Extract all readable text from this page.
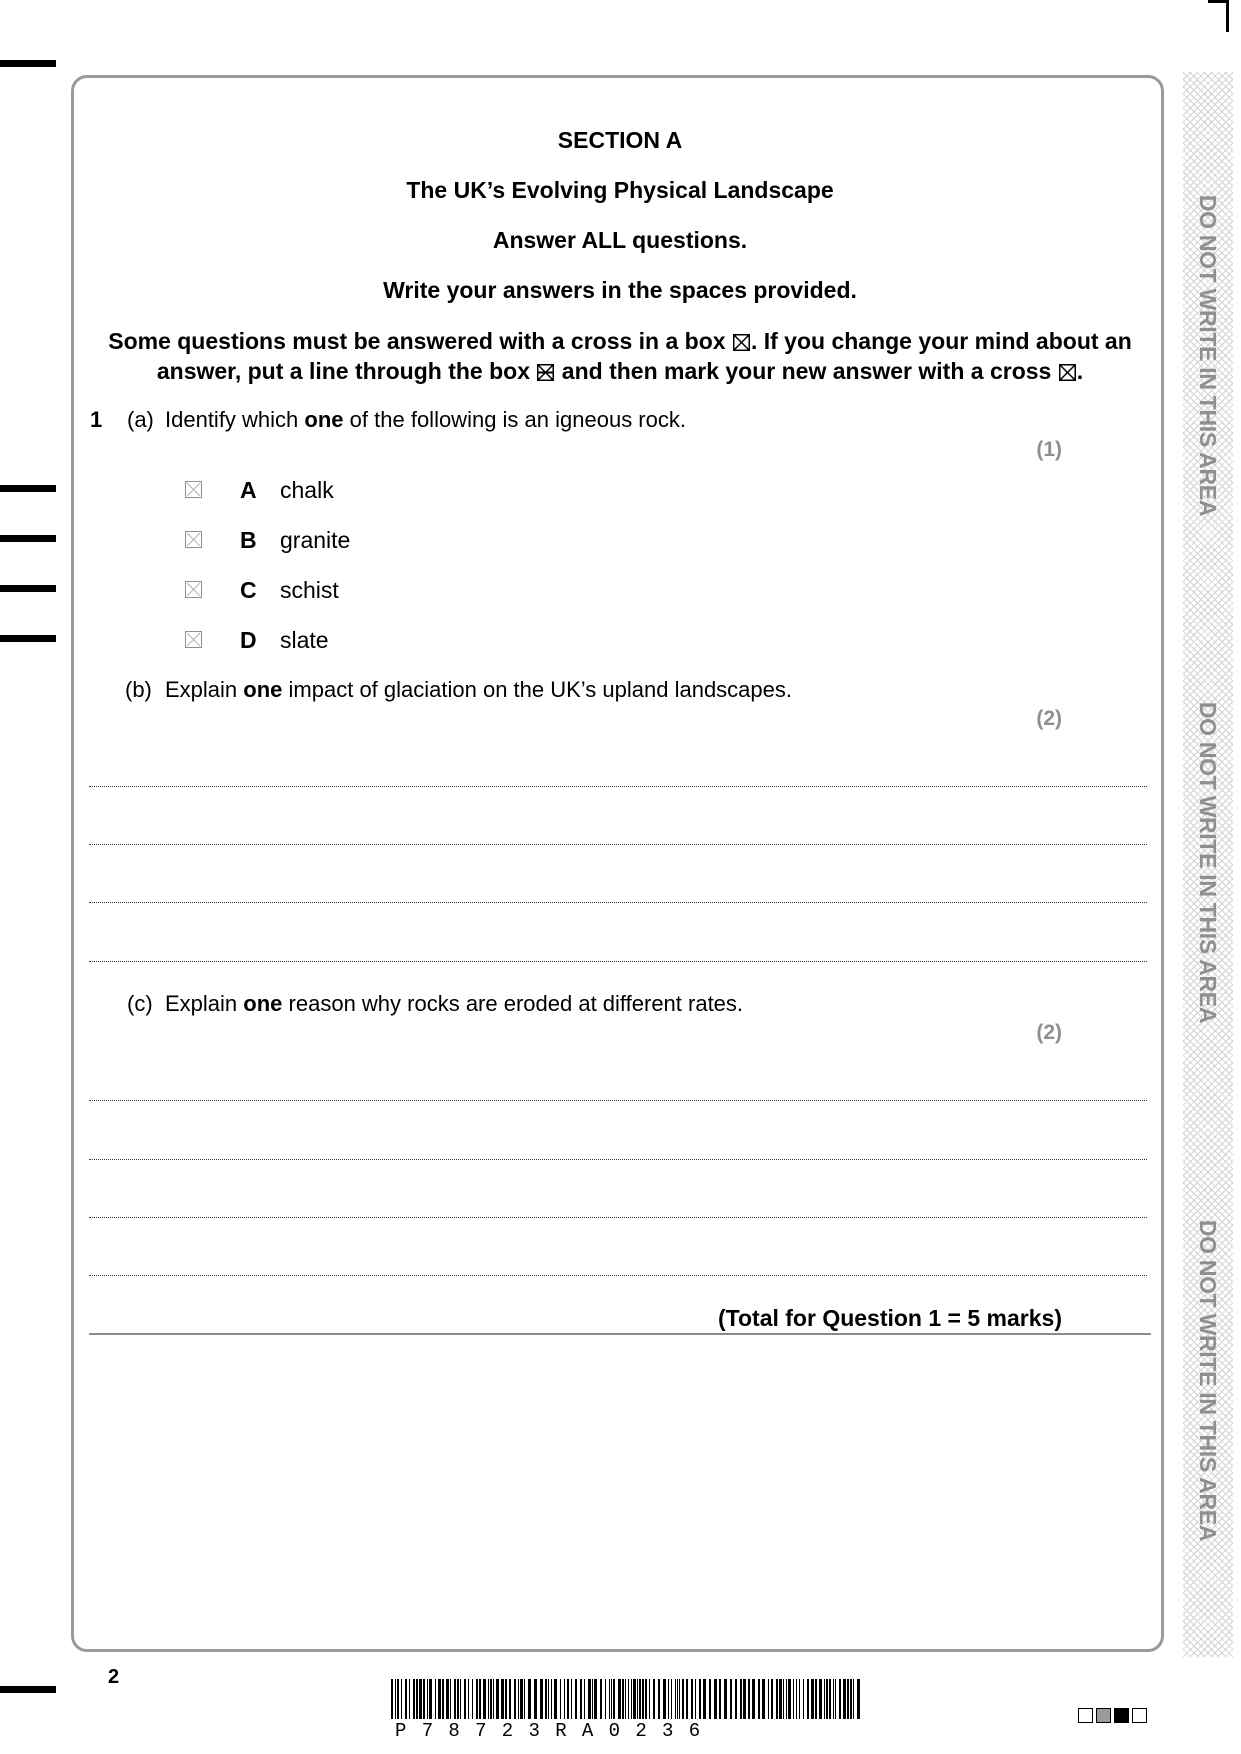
DO NOT WRITE IN THIS AREA
DO NOT WRITE IN THIS AREA
DO NOT WRITE IN THIS AREA
SECTION A
The UK’s Evolving Physical Landscape
Answer ALL questions.
Write your answers in the spaces provided.
Some questions must be answered with a cross in a box ☒. If you change your mind about an
answer, put a line through the box and then mark your new answer with a cross ☒.
1 (a) Identify which one of the following is an igneous rock.
(1)
A chalk
B granite
C schist
D slate
(b) Explain one impact of glaciation on the UK’s upland landscapes.
(2)
(c) Explain one reason why rocks are eroded at different rates.
(2)
(Total for Question 1 = 5 marks)
2
P78723RA0236
